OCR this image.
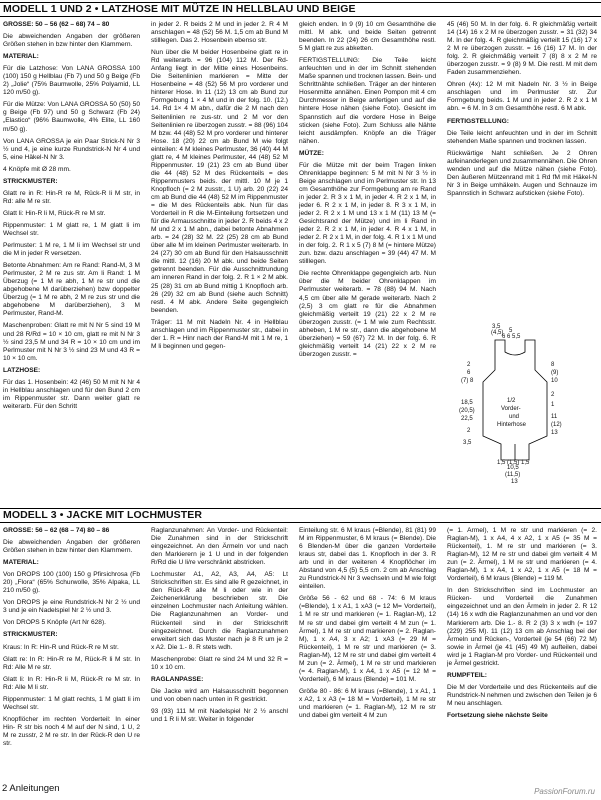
MODELL 1 UND 2 • LATZHOSE MIT MÜTZE IN HELLBLAU UND BEIGE

GRÖSSE: 50 – 56 (62 – 68) 74 – 80

Die abweichenden Angaben der größeren Größen stehen in bzw hinter den Klammern.

MATERIAL:

Für die Latzhose: Von LANA GROSSA 100 (100) 150 g Hellblau (Fb 7) und 50 g Beige (Fb 2) „Jolie“ (75% Baumwolle, 25% Polyamid, LL 120 m/50 g).

Für die Mütze: Von LANA GROSSA 50 (50) 50 g Beige (Fb 97) und 50 g Schwarz (Fb 24) „Elastico“ (96% Baumwolle, 4% Elite, LL 160 m/50 g).

Von LANA GROSSA je ein Paar Strick-N Nr 3 ½ und 4, je eine kurze Rundstrick-N Nr 4 und 5, eine Häkel-N Nr 3.

4 Knöpfe mit Ø 28 mm.

STRICKMUSTER:

Glatt re in R: Hin-R re M, Rück-R li M str, in Rd: alle M re str.

Glatt li: Hin-R li M, Rück-R re M str.

Rippenmuster: 1 M glatt re, 1 M glatt li im Wechsel str.

Perlmuster: 1 M re, 1 M li im Wechsel str und die M in jeder R versetzen.

Betonte Abnahmen: Am re Rand: Rand-M, 3 M Perlmuster, 2 M re zus str. Am li Rand: 1 M Überzug (= 1 M re abh, 1 M re str und die abgehobene M darüberziehen) bzw doppelter Überzug (= 1 M re abh, 2 M re zus str und die abgehobene M darüberziehen), 3 M Perlmuster, Rand-M.

Maschenproben: Glatt re mit N Nr 5 sind 19 M und 28 R/Rd = 10 × 10 cm, glatt re mit N Nr 3 ½ sind 23,5 M und 34 R = 10 × 10 cm und im Perlmuster mit N Nr 3 ½ sind 23 M und 43 R = 10 × 10 cm.

LATZHOSE:

Für das 1. Hosenbein: 42 (46) 50 M mit N Nr 4 in Hellblau anschlagen und für den Bund 2 cm im Rippenmuster str. Dann weiter glatt re weiterarb. Für den Schritt

in jeder 2. R beids 2 M und in jeder 2. R 4 M anschlagen = 48 (52) 56 M. 1,5 cm ab Bund M stilllegen. Das 2. Hosenbein ebenso str.

Nun über die M beider Hosenbeine glatt re in Rd weiterarb. = 96 (104) 112 M. Der Rd-Anfang liegt in der Mitte eines Hosenbeins. Die Seitenlinien markieren = Mitte der Hosenbeine = 48 (52) 56 M pro vorderer und hinterer Hose. In 11 (12) 13 cm ab Bund zur Formgebung 1 × 4 M und in der folg. 10. (12.) 14. Rd 1× 4 M abn., dafür die 2 M nach den Seitenlinien re zus-str. und 2 M vor den Seitenlinien re überzogen zusstr. = 88 (96) 104 M bzw. 44 (48) 52 M pro vorderer und hinterer Hose. 18 (20) 22 cm ab Bund M wie folgt einteilen: 4 M kleines Perlmuster, 36 (40) 44 M glatt re, 4 M kleines Perlmuster, 44 (48) 52 M Rippenmuster. 19 (21) 23 cm ab Bund über die 44 (48) 52 M des Rückenteils = des Rippenmusters beids. der mittl. 10 M je 1 Knopfloch (= 2 M zusstr., 1 U) arb. 20 (22) 24 cm ab Bund die 44 (48) 52 M im Rippenmuster = die M des Rückenteils abk. Nun für das Vorderteil in R die M-Einteilung fortsetzen und für die Armausschnitte in jeder 2. R beids 4 x 2 M und 2 x 1 M abn., dabei betonte Abnahmen arb. = 24 (28) 32 M. 22 (25) 28 cm ab Bund über alle M im kleinen Perlmuster weiterarb. In 24 (27) 30 cm ab Bund für den Halsausschnitt die mittl. 12 (16) 20 M abk. und beide Seiten getrennt beenden. Für die Ausschnittrundung am inneren Rand in der folg. 2. R 1 × 2 M abk. 25 (28) 31 cm ab Bund mittig 1 Knopfloch arb. 26 (29) 32 cm ab Bund (siehe auch Schnitt) restl. 4 M abk. Andere Seite gegengleich beenden.

Träger: 11 M mit Nadeln Nr. 4 in Hellblau anschlagen und im Rippenmuster str., dabei in der 1. R = Hinr nach der Rand-M mit 1 M re, 1 M li beginnen und gegen-

gleich enden. In 9 (9) 10 cm Gesamthöhe die mittl. M abk. und beide Seiten getrennt beenden. In 22 (24) 26 cm Gesamthöhe restl. 5 M glatt re zus abketten.

FERTIGSTELLUNG: Die Teile leicht anfeuchten und in der im Schnitt stehenden Maße spannen und trocknen lassen. Bein- und Schrittnähte schließen. Träger an der hinteren Hosenmitte annähen. Einen Pompon mit 4 cm Durchmesser in Beige anfertigen und auf die hintere Hose nähen (siehe Foto). Gesicht im Spannstich auf die vordere Hose in Beige sticken (siehe Foto). Zum Schluss alle Nähte leicht ausdämpfen. Knöpfe an die Träger nähen.

MÜTZE:

Für die Mütze mit der beim Tragen linken Ohrenklappe beginnen: 5 M mit N Nr 3 ½ in Beige anschlagen und im Perlmuster str. In 13 cm Gesamthöhe zur Formgebung am re Rand in jeder 2. R 3 x 1 M, in jeder 4. R 2 x 1 M, in jeder 6. R 2 x 1 M, in jeder 8. R 3 x 1 M, in jeder 2. R 2 x 1 M und 13 x 1 M (11) 13 M (= Gesichtsrand der Mütze) und im li Rand in jeder 2. R 2 x 1 M, in jeder 4. R 4 x 1 M, in jeder 2. R 2 x 1 M, in der folg. 4. R 1 x 1 M und in der folg. 2. R 1 x 5 (7) 8 M (= hintere Mütze) zun. bzw. dazu anschlagen = 39 (44) 47 M. M stilllegen.

Die rechte Ohrenklappe gegengleich arb. Nun über die M beider Ohrenklappen im Perlmuster weiterarb. = 78 (88) 94 M. Nach 4,5 cm über alle M gerade weiterarb. Nach 2 (2,5) 3 cm glatt re für die Abnahmen gleichmäßig verteilt 19 (21) 22 x 2 M re überzogen zusstr. (= 1 M wie zum Rechtsstr. abheben, 1 M re str., dann die abgehobene M überziehen) = 59 (67) 72 M. In der folg. 6. R gleichmäßig verteilt 14 (21) 22 x 2 M re überzogen zusstr. =

45 (46) 50 M. In der folg. 6. R gleichmäßig verteilt 14 (14) 16 x 2 M re überzogen zusstr. = 31 (32) 34 M. In der folg. 4. R gleichmäßig verteilt 15 (16) 17 x 2 M re überzogen zusstr. = 16 (16) 17 M. In der folg. 2. R gleichmäßig verteilt 7 (8) 8 x 2 M re überzogen zusstr. = 9 (8) 9 M. Die restl. M mit dem Faden zusammenziehen.

Ohren (4x): 12 M mit Nadeln Nr. 3 ½ in Beige anschlagen und im Perlmuster str. Zur Formgebung beids. 1 M und in jeder 2. R 2 x 1 M abn. = 6 M. In 3 cm Gesamthöhe restl. 6 M abk.

FERTIGSTELLUNG:

Die Teile leicht anfeuchten und in der im Schnitt stehenden Maße spannen und trocknen lassen.

Rückwärtige Naht schließen. Je 2 Ohren aufeinanderlegen und zusammennähen. Die Ohren wenden und auf die Mütze nähen (siehe Foto). Den äußeren Mützenrand mit 1 Rd fM mit Häkel-N Nr 3 in Beige umhäkeln. Augen und Schnauze im Spannstich in Schwarz aufsticken (siehe Foto).

3,5
(4,5) 5
6 6 5,5
2
6
(7) 8
18,5
(20,5)
22,5
2
3,5
8
(9)
10
2
1
11
(12)
13
1/2
Vorder-
und
Hinterhose
10,5
(11,5)
13
1,5 (1,5) 1,5
MODELL 3 • JACKE MIT LOCHMUSTER

GRÖSSE: 56 – 62 (68 – 74) 80 – 86

Die abweichenden Angaben der größeren Größen stehen in bzw hinter den Klammern.

MATERIAL:

Von DROPS 100 (100) 150 g Pfirsichrosa (Fb 20) „Flora“ (65% Schurwolle, 35% Alpaka, LL 210 m/50 g).

Von DROPS je eine Rundstrick-N Nr 2 ½ und 3 und je ein Nadelspiel Nr 2 ½ und 3.

Von DROPS 5 Knöpfe (Art Nr 628).

STRICKMUSTER:

Kraus: In R: Hin-R und Rück-R re M str.

Glatt re: In R: Hin-R re M, Rück-R li M str. In Rd: Alle M re str.

Glatt li: In R: Hin-R li M, Rück-R re M str. In Rd: Alle M li str.

Rippenmuster: 1 M glatt rechts, 1 M glatt li im Wechsel str.

Knopflöcher im rechten Vorderteil: In einer Hin- R str bis noch 4 M auf der N sind, 1 U, 2 M re zusstr, 2 M re str. In der Rück-R den U re str.

Raglanzunahmen: An Vorder- und Rückenteil: Die Zunahmen sind in der Strickschrift eingezeichnet. An den Ärmeln vor und nach den Markierern je 1 U und in der folgenden R/Rd die U li/re verschränkt abstricken.

Lochmuster A1, A2, A3, A4, A5: Lt Strickschriften str. Es sind alle R gezeichnet, in den Rück-R alle M li oder wie in der Zeichenerklärung beschrieben str. Die einzelnen Lochmuster nach Anleitung wählen. Die Raglanzunahmen an Vorder- und Rückenteil sind in der Strickschrift eingezeichnet. Durch die Raglanzunahmen erweitert sich das Muster nach je 8 R um je 2 x A2. Die 1.- 8. R stets wdh.

Maschenprobe: Glatt re sind 24 M und 32 R = 10 x 10 cm.

RAGLANPASSE:

Die Jacke wird am Halsausschnitt begonnen und von oben nach unten in R gestrickt.

93 (93) 111 M mit Nadelspiel Nr 2 ½ anschl und 1 R li M str. Weiter in folgender

Einteilung str. 6 M kraus (=Blende), 81 (81) 99 M im Rippenmuster, 6 M kraus (= Blende). Die 6 Blenden-M über die ganzen Vorderteile kraus str, dabei das 1. Knopfloch in der 3. R arb und in der weiteren 4 Knopflöcher im Abstand von 4,5 (5) 5,5 cm. 2 cm ab Anschlag zu Rundstrick-N Nr 3 wechseln und M wie folgt einteilen.

Größe 56 - 62 und 68 - 74: 6 M kraus (=Blende), 1 x A1, 1 xA3 (= 12 M= Vorderteil), 1 M re str und markieren (= 1. Raglan-M), 12 M re str und dabei glm verteilt 4 M zun (= 1. Ärmel), 1 M re str und markieren (= 2. Raglan-M), 1 x A4, 3 x A2; 1 xA3 (= 29 M = Rückenteil), 1 M re str und markieren (= 3. Raglan-M), 12 M re str und dabei glm verteilt 4 M zun (= 2. Ärmel), 1 M re str und markieren (= 4. Raglan-M), 1 x A4, 1 x A5 (= 12 M = Vorderteil), 6 M kraus (Blende) = 101 M.

Größe 80 - 86: 6 M kraus (=Blende), 1 x A1, 1 x A2, 1 x A3 (= 18 M = Vorderteil), 1 M re str und markieren (= 1. Raglan-M), 12 M re str und dabei glm verteilt 4 M zun

(= 1. Ärmel), 1 M re str und markieren (= 2. Raglan-M), 1 x A4, 4 x A2, 1 x A5 (= 35 M = Rückenteil), 1. M re str und markieren (= 3. Raglan-M), 12 M re str und dabei glm verteilt 4 M zun (= 2. Ärmel), 1 M re str und markieren (= 4. Raglan-M), 1 x A4, 1 x A2, 1 x A5 (= 18 M = Vorderteil), 6 M kraus (Blende) = 119 M.

In den Strickschriften sind im Lochmuster an Rücken- und Vorderteil die Zunahmen eingezeichnet und an den Ärmeln in jeder 2. R 12 (14) 16 x wdh die Raglanzunahmen an und vor den Markierern arb. Die 1.- 8. R 2 (3) 3 x wdh (= 197 (229) 255 M). 11 (12) 13 cm ab Anschlag bei der Ärmeln und Rücken-, Vorderteil (je 54 (66) 72 M) sowie in Ärmel (je 41 (45) 49 M) aufteilen, dabei wird je 1 Raglan-M pro Vorder- und Rückenteil und je Ärmel gestrickt.

RUMPFTEIL:

Die M der Vorderteile und des Rückenteils auf die Rundstrick-N nehmen und zwischen den Teilen je 6 M neu anschlagen.

Fortsetzung siehe nächste Seite

2 Anleitungen	PassionForum.ru
